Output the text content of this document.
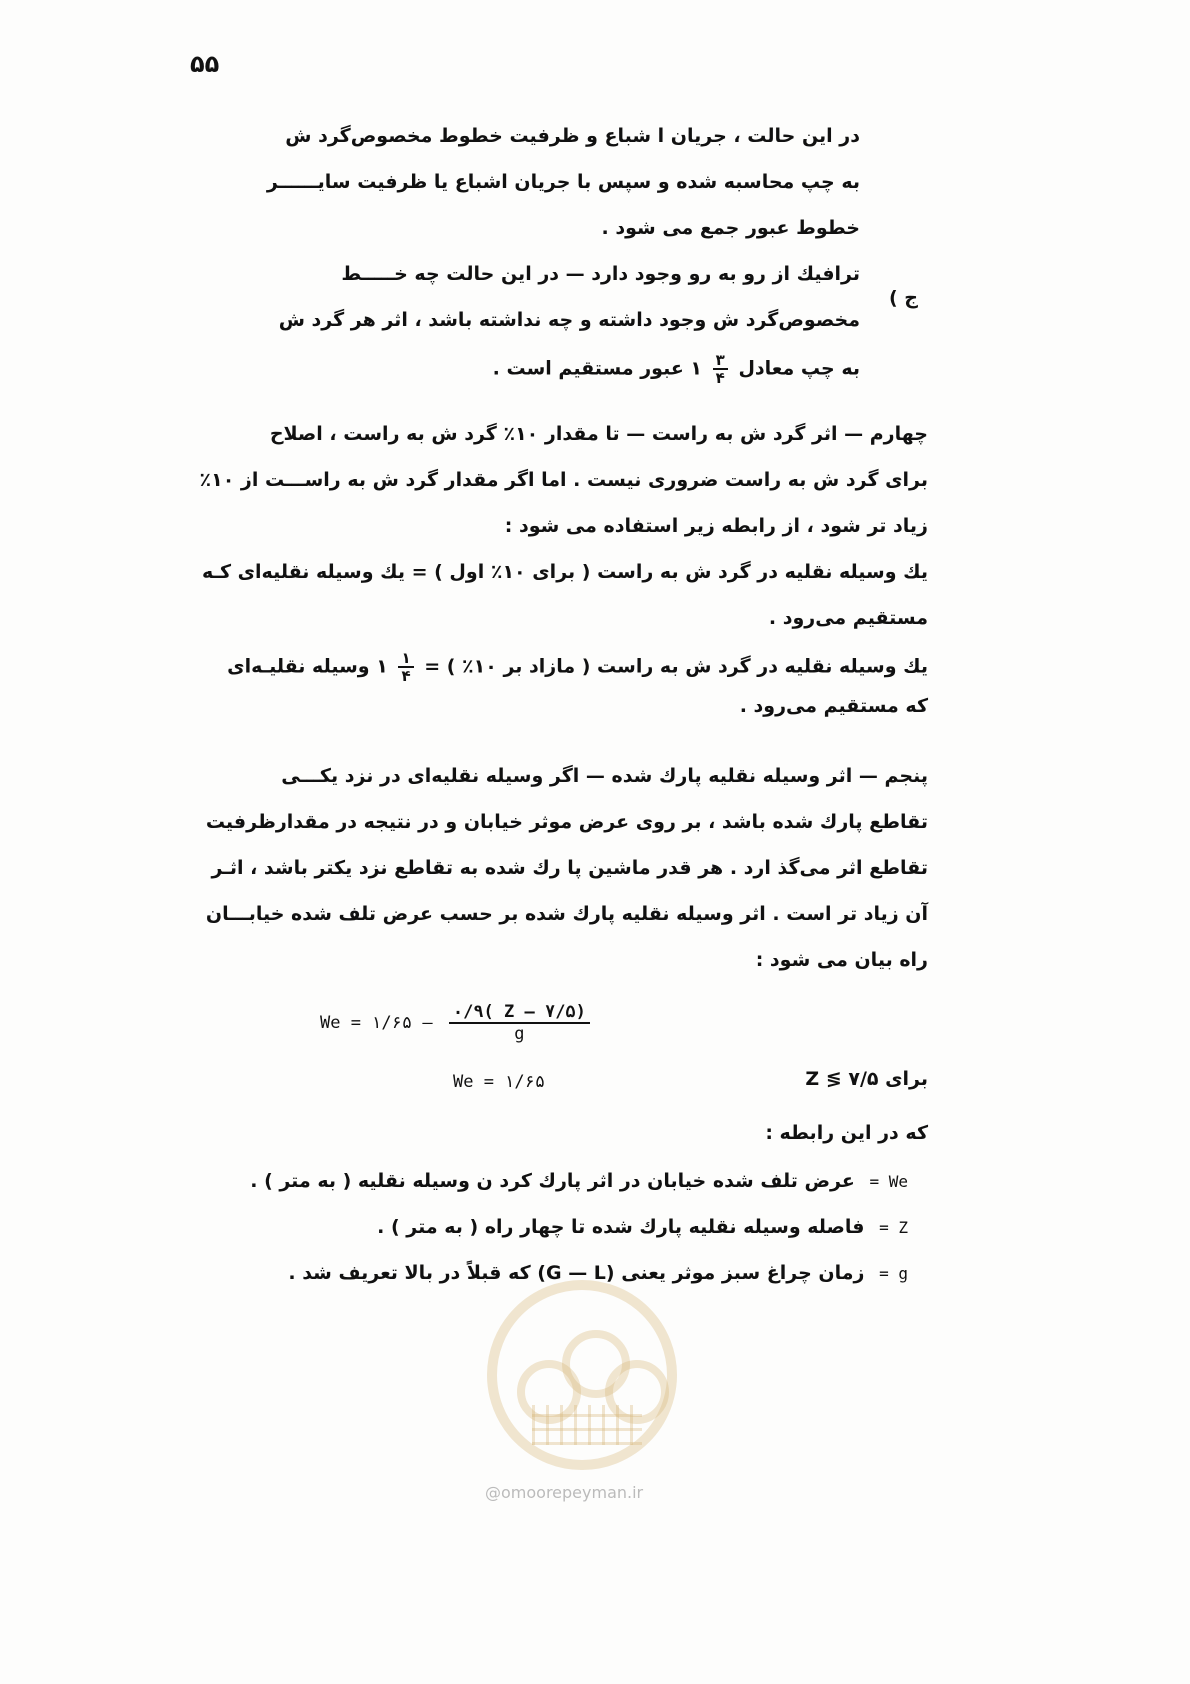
۵۵
در این حالت ، جریان ا شباع و ظرفیت خطوط مخصوص‌گرد ش
به چپ محاسبه شده و سپس با جریان اشباع یا ظرفیت سایــــــر
خطوط عبور جمع می شود .
ج )
ترافیك از رو به رو وجود دارد — در این حالت چه خـــــط
مخصوص‌گرد ش وجود داشته و چه نداشته باشد ، اثر هر گرد ش
به چپ معادل
$\frac{۳}{۴}$
۱ عبور مستقیم است .
چهارم — اثر گرد ش به راست — تا مقدار ۱۰٪ گرد ش به راست ، اصلاح
برای گرد ش به راست ضروری نیست . اما اگر مقدار گرد ش به راســـت از ۱۰٪
زیاد تر شود ، از رابطه زیر استفاده می شود :
یك وسیله نقلیه در گرد ش به راست ( برای ۱۰٪ اول ) = یك وسیله نقلیه‌ای کـه
مستقیم می‌رود .
یك وسیله نقلیه در گرد ش به راست ( مازاد بر ۱۰٪ ) =
$\frac{۱}{۴}$
۱ وسیله نقلیـه‌ای
که مستقیم می‌رود .
پنجم — اثر وسیله نقلیه پارك شده — اگر وسیله نقلیه‌ای در نزد یکـــی
تقاطع پارك شده باشد ، بر روی عرض موثر خیابان و در نتیجه در مقدارظرفیت
تقاطع اثر می‌گذ ارد . هر قدر ماشین پا رك شده به تقاطع نزد یکتر باشد ، اثـر
آن زیاد تر است . اثر وسیله نقلیه پارك شده بر حسب عرض تلف شده خیابـــان
راه بیان می شود :
We = ۱/۶۵ — $\frac{۰/۹( Z — ۷/۵)}{g}$
We = ۱/۶۵	برای ۷/۵ ≷ Z
که در این رابطه :
We = عرض تلف شده خیابان در اثر پارك کرد ن وسیله نقلیه ( به متر ) .
Z = فاصله وسیله نقلیه پارك شده تا چهار راه ( به متر ) .
g = زمان چراغ سبز موثر یعنی (G — L) که قبلاً در بالا تعریف شد .
@omoorepeyman.ir
